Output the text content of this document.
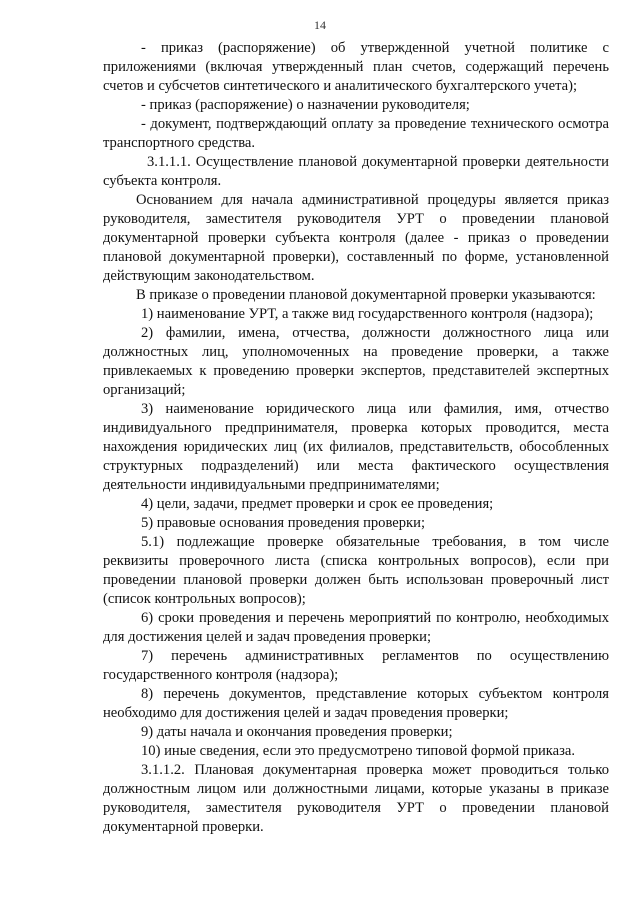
14

- приказ (распоряжение) об утвержденной учетной политике с приложениями (включая утвержденный план счетов, содержащий перечень счетов и субсчетов синтетического и аналитического бухгалтерского учета);

- приказ (распоряжение) о назначении руководителя;

- документ, подтверждающий оплату за проведение технического осмотра транспортного средства.

3.1.1.1. Осуществление плановой документарной проверки деятельности субъекта контроля.

Основанием для начала административной процедуры является приказ руководителя, заместителя руководителя УРТ о проведении плановой документарной проверки субъекта контроля (далее - приказ о проведении плановой документарной проверки), составленный по форме, установленной действующим законодательством.

В приказе о проведении плановой документарной проверки указываются:

1) наименование УРТ, а также вид государственного контроля (надзора);

2) фамилии, имена, отчества, должности должностного лица или должностных лиц, уполномоченных на проведение проверки, а также привлекаемых к проведению проверки экспертов, представителей экспертных организаций;

3) наименование юридического лица или фамилия, имя, отчество индивидуального предпринимателя, проверка которых проводится, места нахождения юридических лиц (их филиалов, представительств, обособленных структурных подразделений) или места фактического осуществления деятельности индивидуальными предпринимателями;

4) цели, задачи, предмет проверки и срок ее проведения;

5) правовые основания проведения проверки;

5.1) подлежащие проверке обязательные требования, в том числе реквизиты проверочного листа (списка контрольных вопросов), если при проведении плановой проверки должен быть использован проверочный лист (список контрольных вопросов);

6) сроки проведения и перечень мероприятий по контролю, необходимых для достижения целей и задач проведения проверки;

7) перечень административных регламентов по осуществлению государственного контроля (надзора);

8) перечень документов, представление которых субъектом контроля необходимо для достижения целей и задач проведения проверки;

9) даты начала и окончания проведения проверки;

10) иные сведения, если это предусмотрено типовой формой приказа.

3.1.1.2. Плановая документарная проверка может проводиться только должностным лицом или должностными лицами, которые указаны в приказе руководителя, заместителя руководителя УРТ о проведении плановой документарной проверки.
